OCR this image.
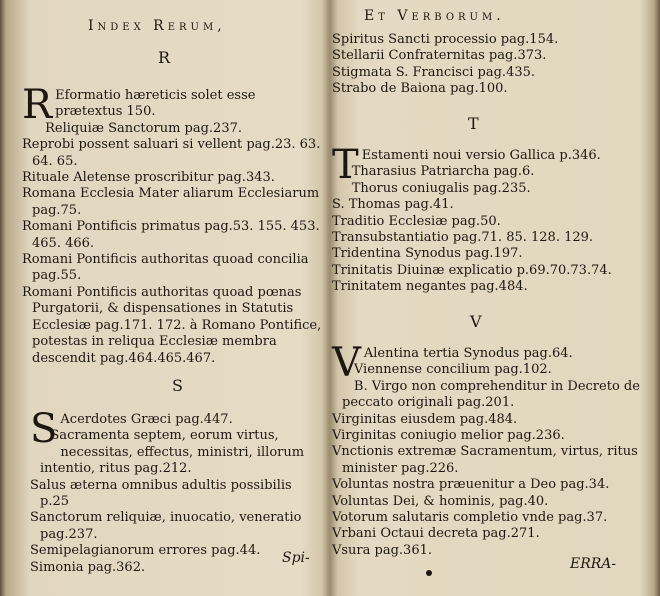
Index Rerum,
R
R Eformatio hæreticis solet esse prætextus 150.
Reliquiæ Sanctorum pag.237.
Reprobi possent saluari si vellent pag.23. 63. 64. 65.
Rituale Aletense proscribitur pag.343.
Romana Ecclesia Mater aliarum Ecclesiarum pag.75.
Romani Pontificis primatus pag.53. 155. 453. 465. 466.
Romani Pontificis authoritas quoad concilia pag.55.
Romani Pontificis authoritas quoad pœnas Purgatorii, & dispensationes in Statutis Ecclesiæ pag.171. 172. à Romano Pontifice, potestas in reliqua Ecclesiæ membra descendit pag.464.465.467.
S
S Acerdotes Græci pag.447.
Sacramenta septem, eorum virtus, necessitas, effectus, ministri, illorum intentio, ritus pag.212.
Salus æterna omnibus adultis possibilis p.25
Sanctorum reliquiæ, inuocatio, veneratio pag.237.
Semipelagianorum errores pag.44.
Simonia pag.362.
Spi-
Et Verborum.
Spiritus Sancti processio pag.154.
Stellarii Confraternitas pag.373.
Stigmata S. Francisci pag.435.
Strabo de Baiona pag.100.
T
T Estamenti noui versio Gallica p.346.
Tharasius Patriarcha pag.6.
Thorus coniugalis pag.235.
S. Thomas pag.41.
Traditio Ecclesiæ pag.50.
Transubstantiatio pag.71. 85. 128. 129.
Tridentina Synodus pag.197.
Trinitatis Diuinæ explicatio p.69.70.73.74.
Trinitatem negantes pag.484.
V
V Alentina tertia Synodus pag.64.
Viennense concilium pag.102.
B. Virgo non comprehenditur in Decreto de peccato originali pag.201.
Virginitas eiusdem pag.484.
Virginitas coniugio melior pag.236.
Vnctionis extremæ Sacramentum, virtus, ritus minister pag.226.
Voluntas nostra præuenitur a Deo pag.34.
Voluntas Dei, & hominis, pag.40.
Votorum salutaris completio vnde pag.37.
Vrbani Octaui decreta pag.271.
Vsura pag.361.
ERRA-
